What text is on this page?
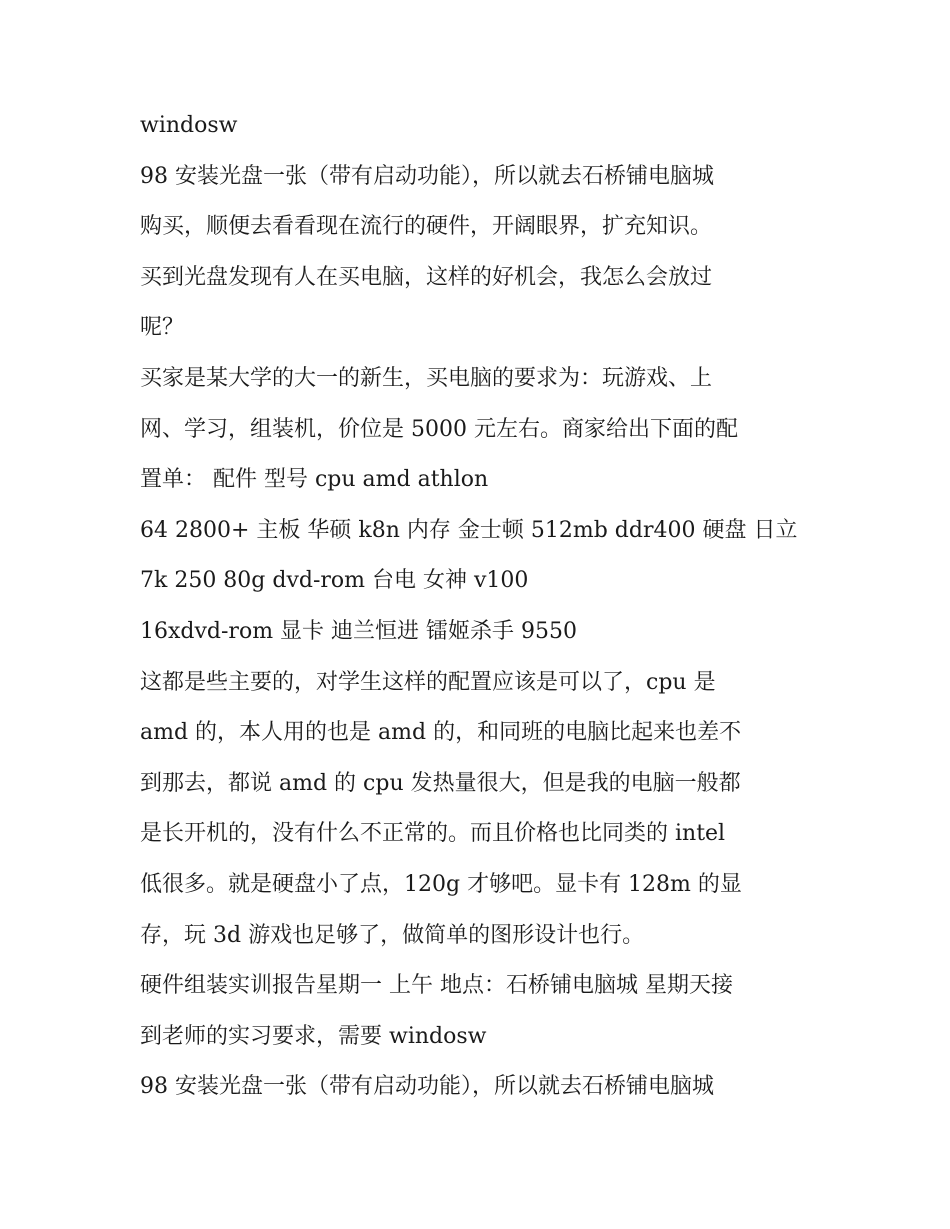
windosw
98 安装光盘一张（带有启动功能），所以就去石桥铺电脑城
购买，顺便去看看现在流行的硬件，开阔眼界，扩充知识。
买到光盘发现有人在买电脑，这样的好机会，我怎么会放过
呢？
买家是某大学的大一的新生，买电脑的要求为：玩游戏、上
网、学习，组装机，价位是 5000 元左右。商家给出下面的配
置单： 配件 型号 cpu amd athlon
64 2800+ 主板 华硕 k8n 内存 金士顿 512mb ddr400 硬盘 日立
7k 250 80g dvd-rom 台电 女神 v100
16xdvd-rom 显卡 迪兰恒进 镭姬杀手 9550
这都是些主要的，对学生这样的配置应该是可以了，cpu 是
amd 的，本人用的也是 amd 的，和同班的电脑比起来也差不
到那去，都说 amd 的 cpu 发热量很大，但是我的电脑一般都
是长开机的，没有什么不正常的。而且价格也比同类的 intel
低很多。就是硬盘小了点，120g 才够吧。显卡有 128m 的显
存，玩 3d 游戏也足够了，做简单的图形设计也行。
硬件组装实训报告星期一 上午 地点：石桥铺电脑城 星期天接
到老师的实习要求，需要 windosw
98 安装光盘一张（带有启动功能），所以就去石桥铺电脑城
